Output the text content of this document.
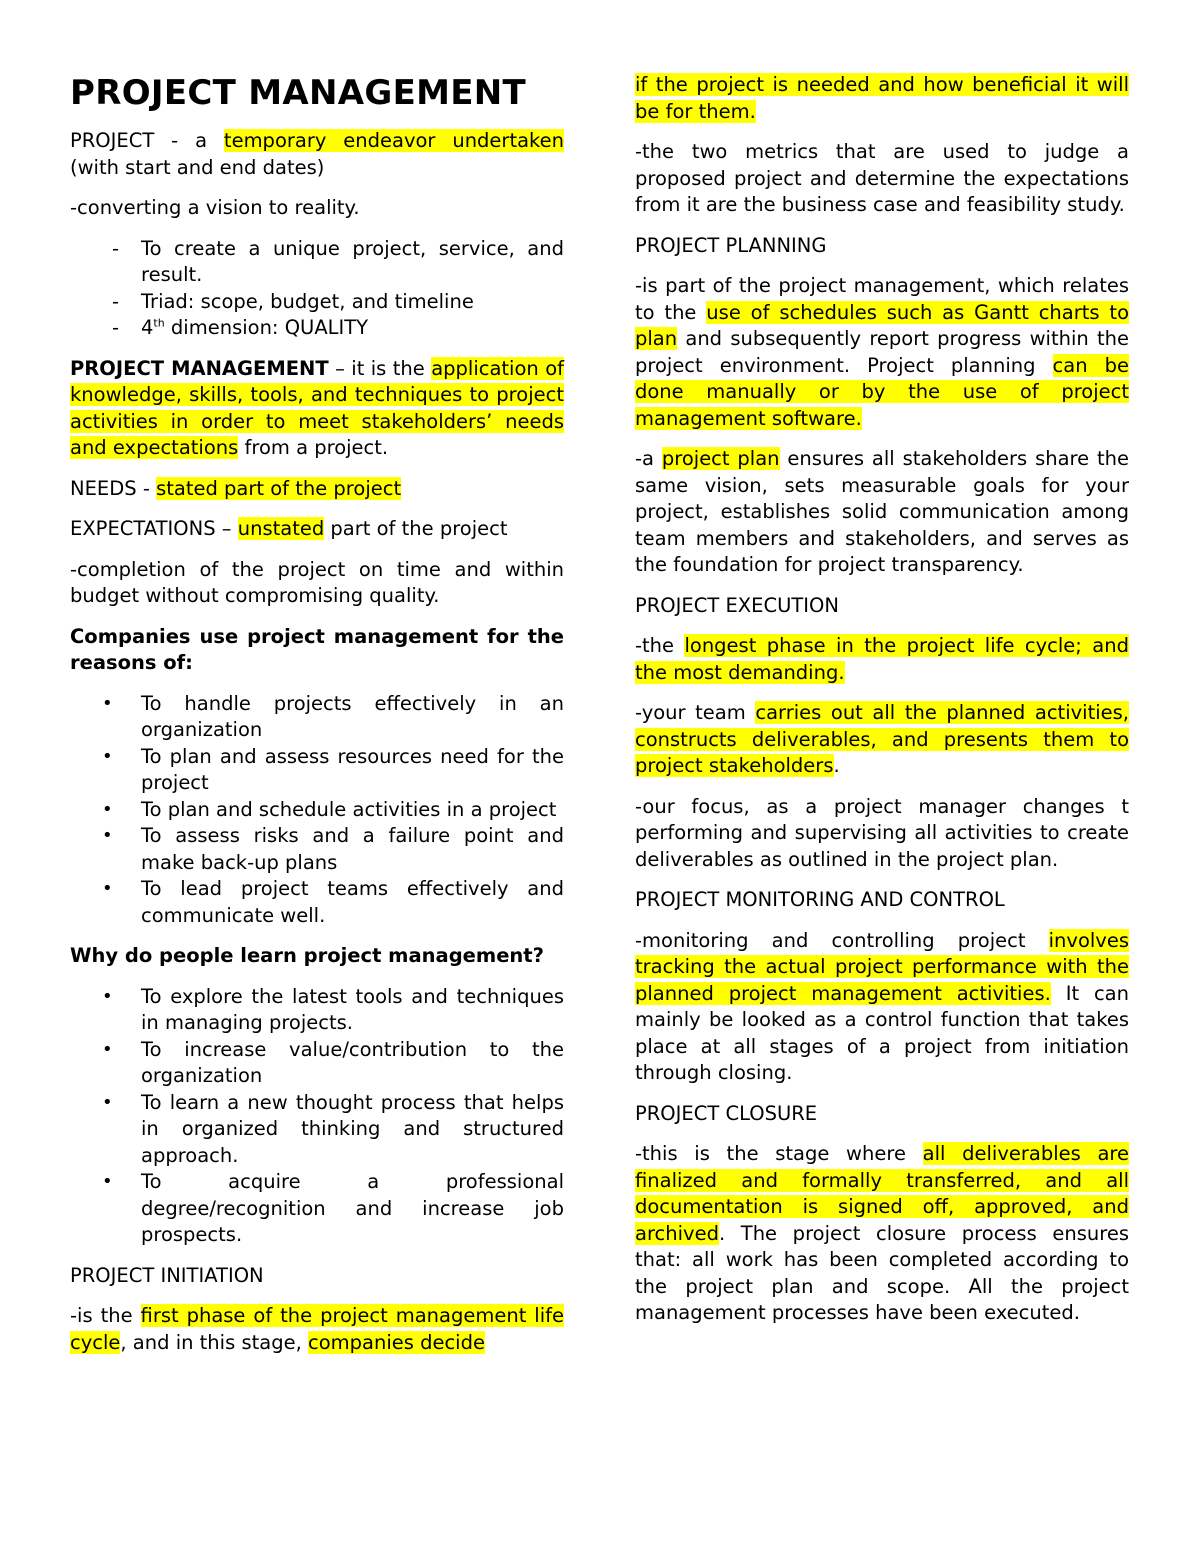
PROJECT MANAGEMENT

PROJECT - a temporary endeavor undertaken (with start and end dates)

-converting a vision to reality.

- To create a unique project, service, and result.
- Triad: scope, budget, and timeline
- 4th dimension: QUALITY

PROJECT MANAGEMENT – it is the application of knowledge, skills, tools, and techniques to project activities in order to meet stakeholders’ needs and expectations from a project.

NEEDS - stated part of the project

EXPECTATIONS – unstated part of the project

-completion of the project on time and within budget without compromising quality.

Companies use project management for the reasons of:

• To handle projects effectively in an organization
• To plan and assess resources need for the project
• To plan and schedule activities in a project
• To assess risks and a failure point and make back-up plans
• To lead project teams effectively and communicate well.

Why do people learn project management?

• To explore the latest tools and techniques in managing projects.
• To increase value/contribution to the organization
• To learn a new thought process that helps in organized thinking and structured approach.
• To acquire a professional degree/recognition and increase job prospects.

PROJECT INITIATION

-is the first phase of the project management life cycle, and in this stage, companies decide

if the project is needed and how beneficial it will be for them.

-the two metrics that are used to judge a proposed project and determine the expectations from it are the business case and feasibility study.

PROJECT PLANNING

-is part of the project management, which relates to the use of schedules such as Gantt charts to plan and subsequently report progress within the project environment. Project planning can be done manually or by the use of project management software.

-a project plan ensures all stakeholders share the same vision, sets measurable goals for your project, establishes solid communication among team members and stakeholders, and serves as the foundation for project transparency.

PROJECT EXECUTION

-the longest phase in the project life cycle; and the most demanding.

-your team carries out all the planned activities, constructs deliverables, and presents them to project stakeholders.

-our focus, as a project manager changes t performing and supervising all activities to create deliverables as outlined in the project plan.

PROJECT MONITORING AND CONTROL

-monitoring and controlling project involves tracking the actual project performance with the planned project management activities. It can mainly be looked as a control function that takes place at all stages of a project from initiation through closing.

PROJECT CLOSURE

-this is the stage where all deliverables are finalized and formally transferred, and all documentation is signed off, approved, and archived. The project closure process ensures that: all work has been completed according to the project plan and scope. All the project management processes have been executed.
